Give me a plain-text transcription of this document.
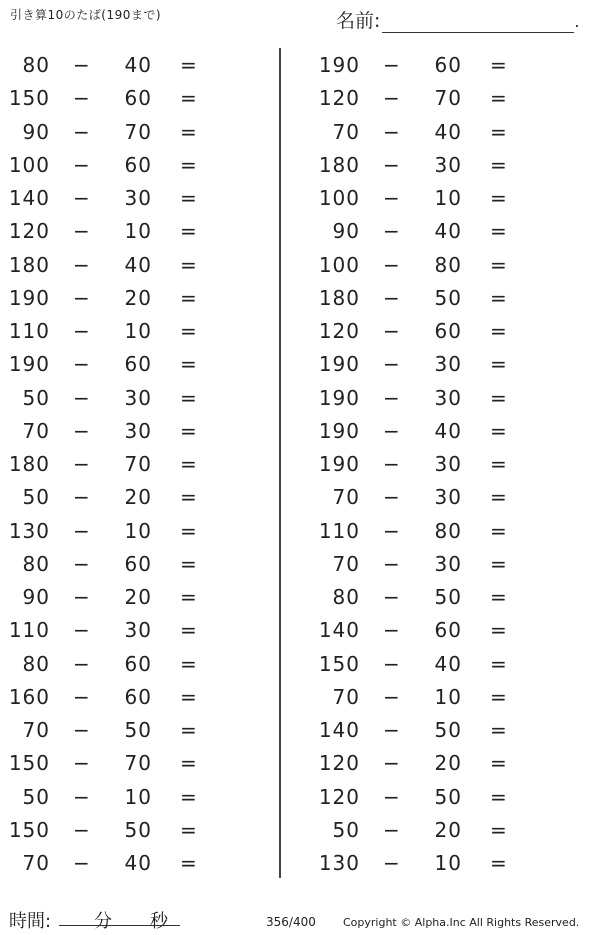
引き算10のたば(190まで)	名前:	.
80 −	40 =
150 −	60 =
90 −	70 =
100 −	60 =
140 −	30 =
120 −	10 =
180 −	40 =
190 −	20 =
110 −	10 =
190 −	60 =
50 −	30 =
70 −	30 =
180 −	70 =
50 −	20 =
130 −	10 =
80 −	60 =
90 −	20 =
110 −	30 =
80 −	60 =
160 −	60 =
70 −	50 =
150 −	70 =
50 −	10 =
150 −	50 =
70 −	40 =
190 −	60 =
120 −	70 =
70 −	40 =
180 −	30 =
100 −	10 =
90 −	40 =
100 −	80 =
180 −	50 =
120 −	60 =
190 −	30 =
190 −	30 =
190 −	40 =
190 −	30 =
70 −	30 =
110 −	80 =
70 −	30 =
80 −	50 =
140 −	60 =
150 −	40 =
70 −	10 =
140 −	50 =
120 −	20 =
120 −	50 =
50 −	20 =
130 −	10 =
時間: 分 秒	356/400 Copyright © Alpha.Inc All Rights Reserved.
